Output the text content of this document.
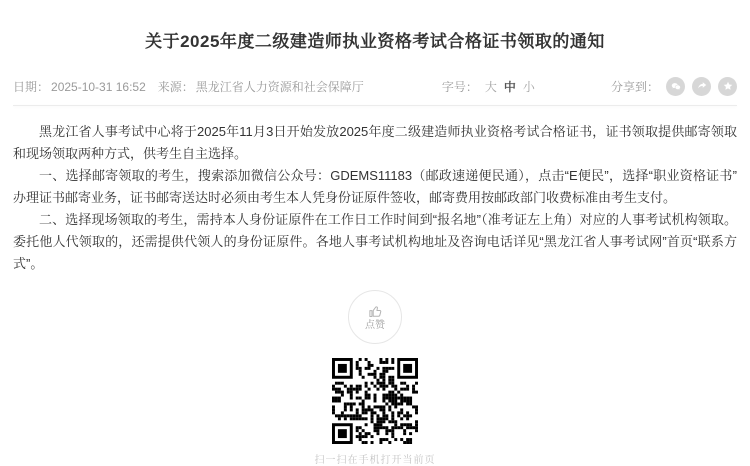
关于2025年度二级建造师执业资格考试合格证书领取的通知
日期： 2025-10-31 16:52 来源： 黑龙江省人力资源和社会保障厅	字号： 大 中 小	分享到：

黑龙江省人事考试中心将于2025年11月3日开始发放2025年度二级建造师执业资格考试合格证书，证书领取提供邮寄领取和现场领取两种方式，供考生自主选择。

一、选择邮寄领取的考生，搜索添加微信公众号：GDEMS11183（邮政速递便民通），点击“E便民”，选择“职业资格证书”办理证书邮寄业务，证书邮寄送达时必须由考生本人凭身份证原件签收，邮寄费用按邮政部门收费标准由考生支付。

二、选择现场领取的考生，需持本人身份证原件在工作日工作时间到“报名地”（准考证左上角）对应的人事考试机构领取。委托他人代领取的，还需提供代领人的身份证原件。各地人事考试机构地址及咨询电话详见“黑龙江省人事考试网”首页“联系方式”。

点赞
扫一扫在手机打开当前页
